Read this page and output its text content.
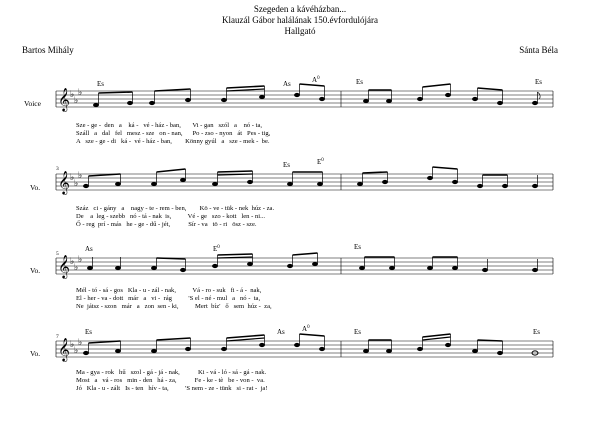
Szegeden a kávéházban...
Klauzál Gábor halálának 150.évfordulójára
Hallgató
Bartos Mihály	Sánta Béla
Voice
Vo.
Vo.
Vo.
3
5
7
Es	As	$A^0$	Es	Es
Es	$E^0$
As	$E^0$	Es
Es	As $A^0$
Es	Es
Sze - ge -  den   a    ká -   vé - ház - ban,       Vi - gan   szól   a    nó - ta,
Száll   a   dal   fel   mesz - sze   on - nan,      Po - zso - nyon   át   Pes - tig,
A   sze - ge - di   ká -  vé - ház - ban,        Könny gyúl   a   sze - mek -  be.
Száz   ci - gány   a    nagy - te - rem - ben,        Kö - ve - tük - nek  húz - za.
De    a  leg - szebb   nó - tá - nak  is,          Vé - ge   szo - kott   len - ni...
Ő - reg  prí - más   he - ge - dű - jét,           Sír - va   tö - ri   ösz - sze.
Mél - tó - sá - gos   Kla - u - zál - nak,          Vá - ro - suk   fi - á -  nak,
El - her - va - dott   már   a   vi -  rág          'S el - né - mul   a   nó -  ta,
Ne  játsz - szon   már   a   zon  sen - ki,          Mert  bíz'   ő   sem  húz -  za,
Ma - gya - rok   hű   szol - gá - já - nak,           Ki - vá - ló - sá - gá - nak.
Most   a   vá - ros   min - den   há - za,           Fe - ke - tè   be - von -  va.
Jó   Kla - u - zált   Is - ten   hív - ta,          'S nem - ze - tünk   si - rat -  ja!
𝄞
𝄞
𝄞
𝄞
♭
♭
♭
♭
♭
♭
♭
♭
♭
♭
♭
♭
